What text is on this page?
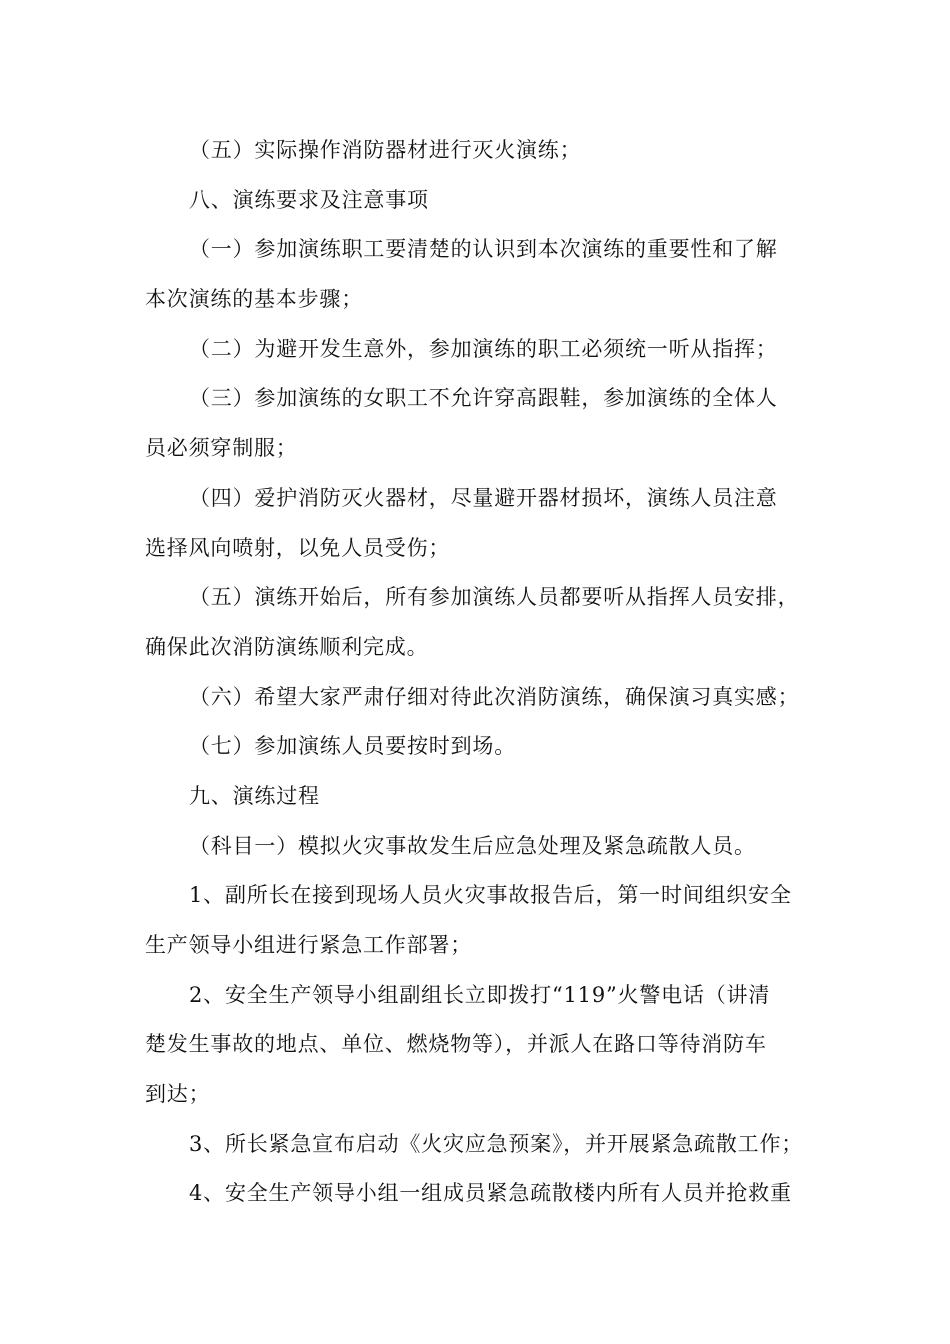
（五）实际操作消防器材进行灭火演练；
八、演练要求及注意事项
（一）参加演练职工要清楚的认识到本次演练的重要性和了解
本次演练的基本步骤；
（二）为避开发生意外，参加演练的职工必须统一听从指挥；
（三）参加演练的女职工不允许穿高跟鞋，参加演练的全体人
员必须穿制服；
（四）爱护消防灭火器材，尽量避开器材损坏，演练人员注意
选择风向喷射，以免人员受伤；
（五）演练开始后，所有参加演练人员都要听从指挥人员安排，
确保此次消防演练顺利完成。
（六）希望大家严肃仔细对待此次消防演练，确保演习真实感；
（七）参加演练人员要按时到场。
九、演练过程
（科目一）模拟火灾事故发生后应急处理及紧急疏散人员。
1、副所长在接到现场人员火灾事故报告后，第一时间组织安全
生产领导小组进行紧急工作部署；
2、安全生产领导小组副组长立即拨打“119”火警电话（讲清
楚发生事故的地点、单位、燃烧物等），并派人在路口等待消防车
到达；
3、所长紧急宣布启动《火灾应急预案》，并开展紧急疏散工作；
4、安全生产领导小组一组成员紧急疏散楼内所有人员并抢救重
